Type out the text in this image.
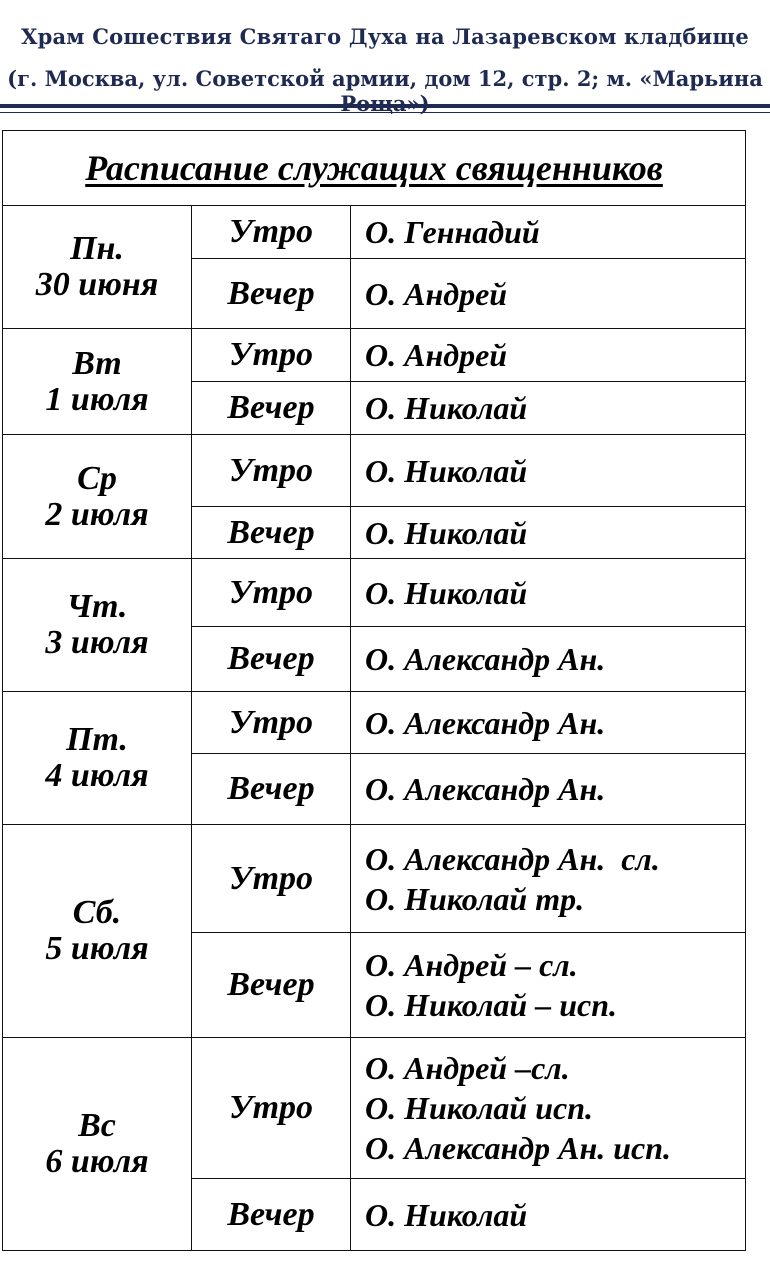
Храм Сошествия Святаго Духа на Лазаревском кладбище
(г. Москва, ул. Советской армии, дом 12, стр. 2; м. «Марьина
Расписание служащих священников		

Пн.
30 июня	Утро	О. Геннадий

	Вечер	О. Андрей

Вт
1 июля	Утро	О. Андрей

	Вечер	О. Николай

Ср
2 июля	Утро	О. Николай

	Вечер	О. Николай

Чт.
3 июля	Утро	О. Николай

	Вечер	О. Александр Ан.

Пт.
4 июля	Утро	О. Александр Ан.

	Вечер	О. Александр Ан.

Сб.
5 июля	Утро	О. Александр Ан.  сл.
О. Николай тр.

	Вечер	О. Андрей – сл.
О. Николай – исп.

Вс
6 июля	Утро	О. Андрей –сл.
О. Николай исп.
О. Александр Ан. исп.

	Вечер	О. Николай
